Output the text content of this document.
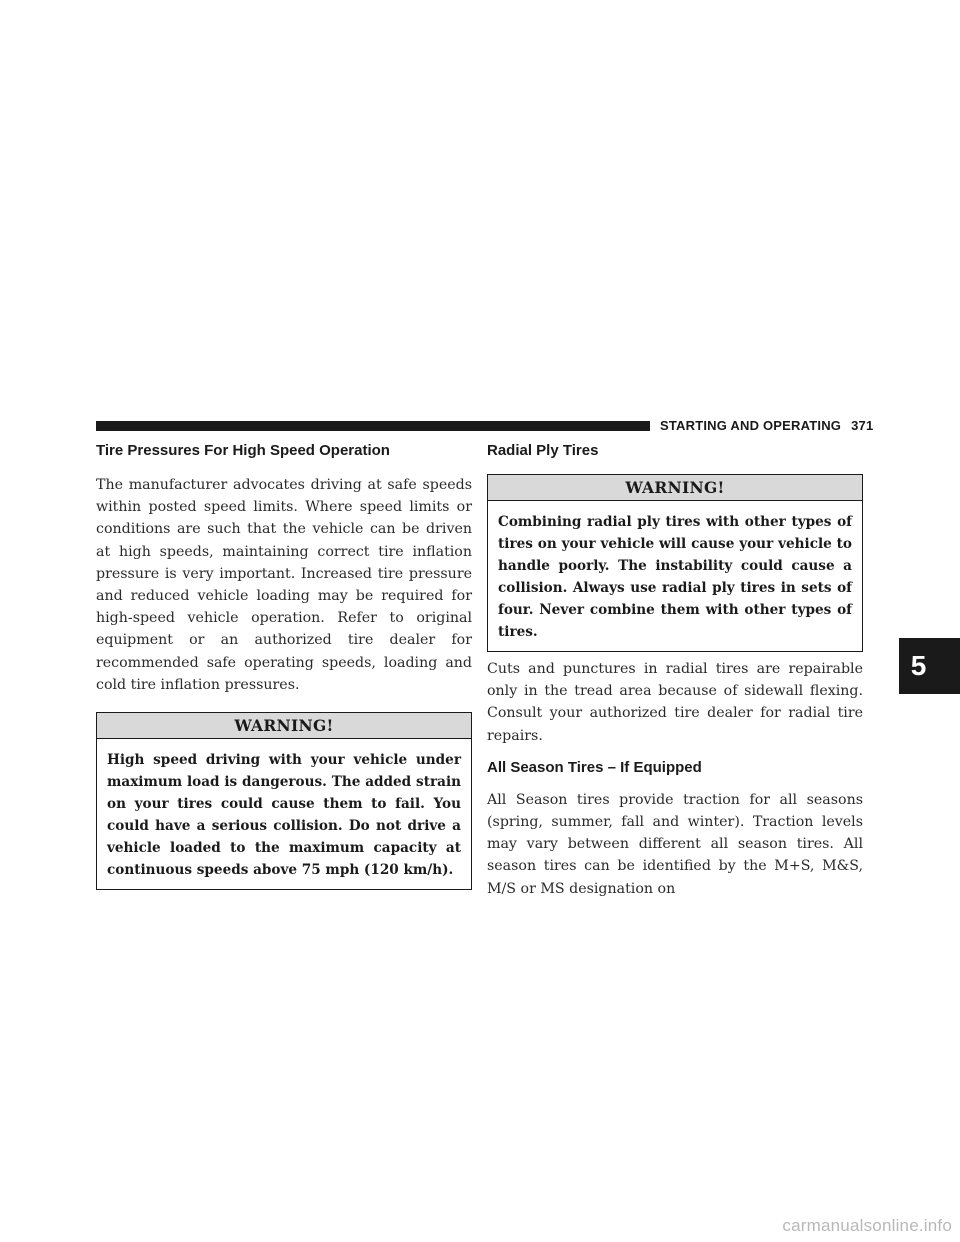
STARTING AND OPERATING 371
Tire Pressures For High Speed Operation

The manufacturer advocates driving at safe speeds within posted speed limits. Where speed limits or conditions are such that the vehicle can be driven at high speeds, maintaining correct tire inflation pressure is very important. Increased tire pressure and reduced vehicle loading may be required for high-speed vehicle operation. Refer to original equipment or an authorized tire dealer for recommended safe operating speeds, loading and cold tire inflation pressures.

WARNING!
High speed driving with your vehicle under maximum load is dangerous. The added strain on your tires could cause them to fail. You could have a serious collision. Do not drive a vehicle loaded to the maximum capacity at continuous speeds above 75 mph (120 km/h).
Radial Ply Tires
WARNING!
Combining radial ply tires with other types of tires on your vehicle will cause your vehicle to handle poorly. The instability could cause a collision. Always use radial ply tires in sets of four. Never combine them with other types of tires.

Cuts and punctures in radial tires are repairable only in the tread area because of sidewall flexing. Consult your authorized tire dealer for radial tire repairs.

All Season Tires – If Equipped

All Season tires provide traction for all seasons (spring, summer, fall and winter). Traction levels may vary between different all season tires. All season tires can be identified by the M+S, M&S, M/S or MS designation on

5
carmanualsonline.info
